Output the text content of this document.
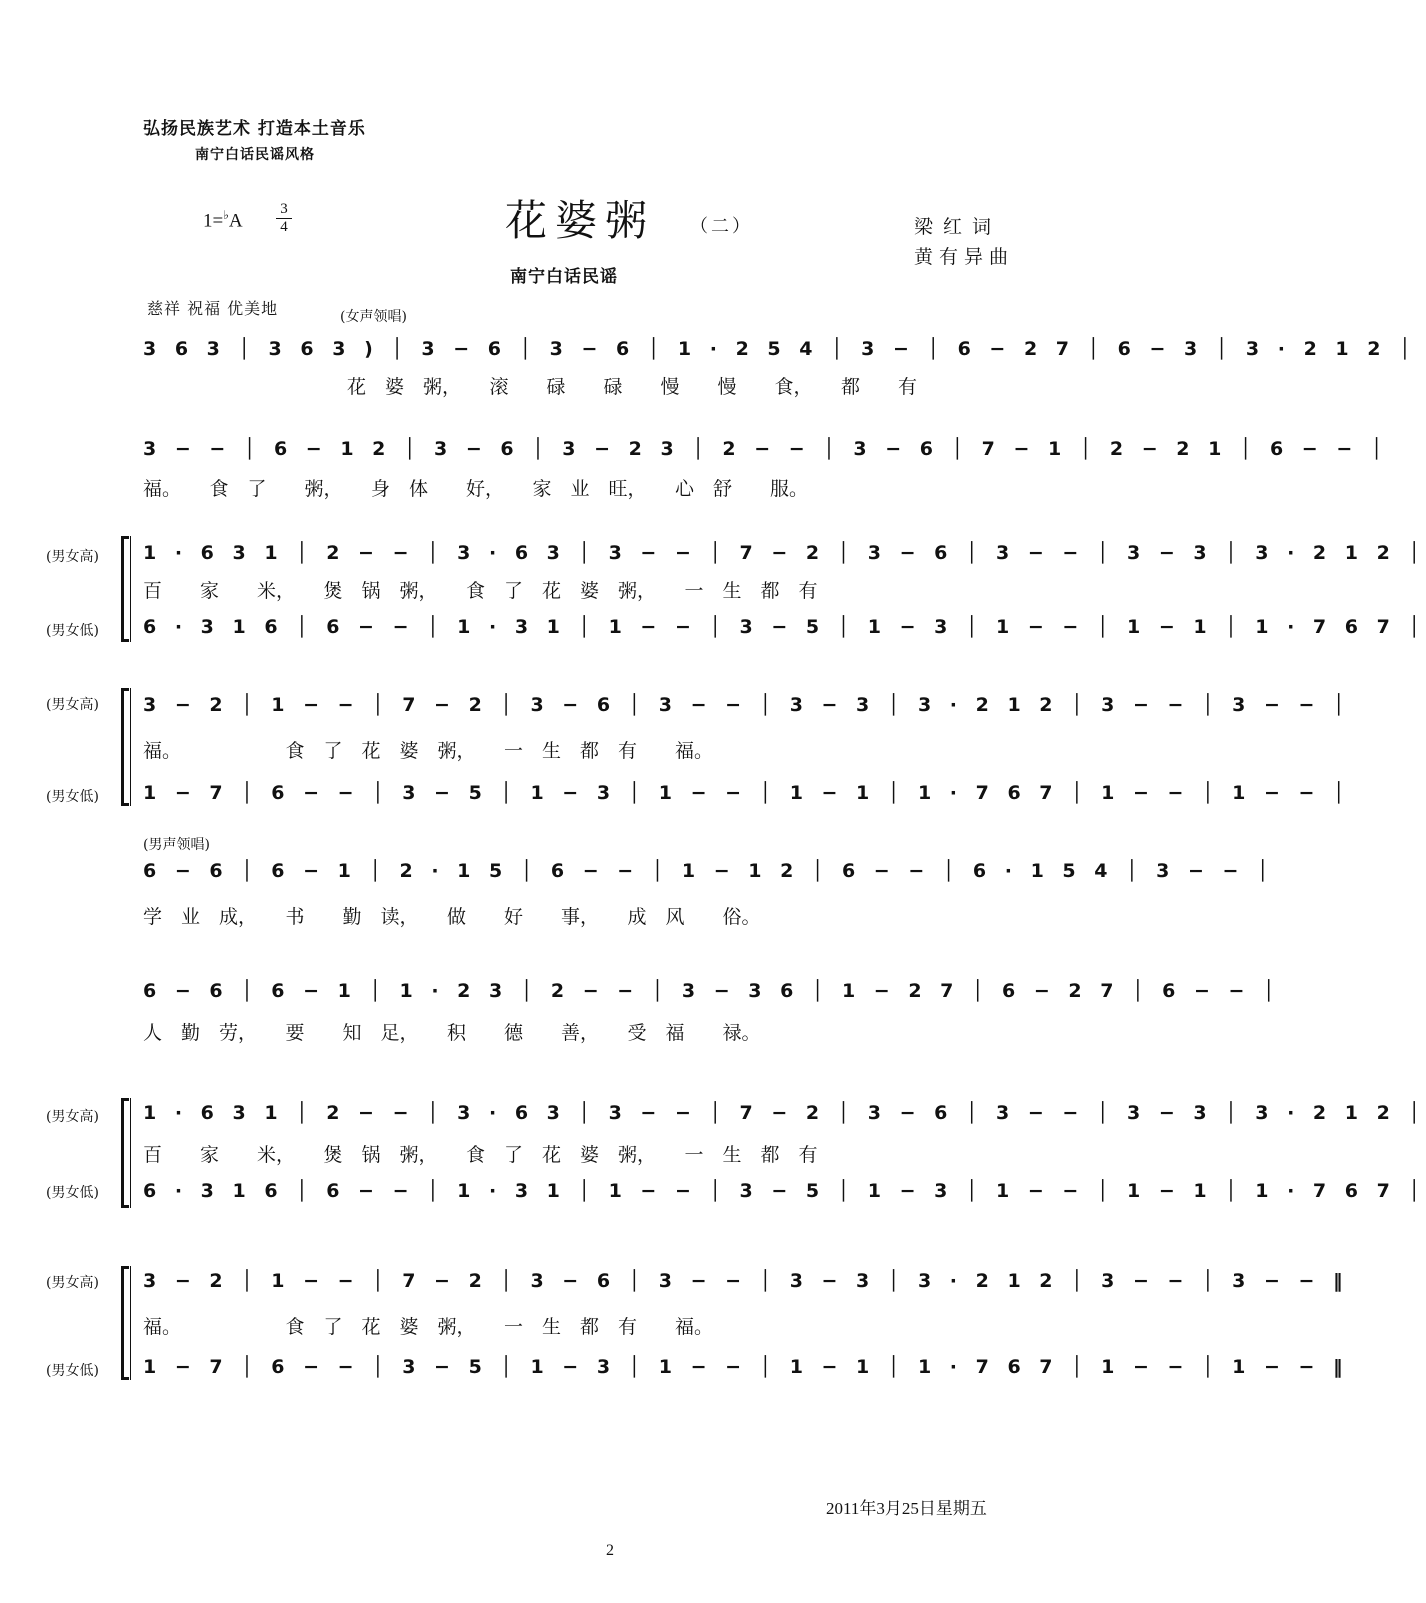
弘扬民族艺术 打造本土音乐
南宁白话民谣风格
1=♭A
3
4	花婆粥 （二）	梁红词
黄有异曲
南宁白话民谣
慈祥 祝福 优美地	(女声领唱)
3 6 3 │ 3 6 3 ) │ 3 − 6 │ 3 − 6 │ 1 · 2 5 4 │ 3 − │ 6 − 2 7 │ 6 − 3 │ 3 · 2 1 2 │
花　婆　粥，　　滚　　碌　　碌　　慢　　慢　　食，　　都　　有
3 − − │ 6 − 1 2 │ 3 − 6 │ 3 − 2 3 │ 2 − − │ 3 − 6 │ 7 − 1 │ 2 − 2 1 │ 6 − − │
福。　　食　了　　粥，　　身　体　　好，　　家　业　旺，　　心　舒　　服。
(男女高)
(男女低)
1 · 6 3 1 │ 2 − − │ 3 · 6 3 │ 3 − − │ 7 − 2 │ 3 − 6 │ 3 − − │ 3 − 3 │ 3 · 2 1 2 │
百　　家　　米，　　煲　锅　粥，　　食　了　花　婆　粥，　　一　生　都　有
6 · 3 1 6 │ 6 − − │ 1 · 3 1 │ 1 − − │ 3 − 5 │ 1 − 3 │ 1 − − │ 1 − 1 │ 1 · 7 6 7 │
(男女高)
(男女低)
3 − 2 │ 1 − − │ 7 − 2 │ 3 − 6 │ 3 − − │ 3 − 3 │ 3 · 2 1 2 │ 3 − − │ 3 − − │
福。　　　　　　食　了　花　婆　粥，　　一　生　都　有　　福。
1 − 7 │ 6 − − │ 3 − 5 │ 1 − 3 │ 1 − − │ 1 − 1 │ 1 · 7 6 7 │ 1 − − │ 1 − − │
(男声领唱)
6 − 6 │ 6 − 1 │ 2 · 1 5 │ 6 − − │ 1 − 1 2 │ 6 − − │ 6 · 1 5 4 │ 3 − − │
学　业　成，　　书　　勤　读，　　做　　好　　事，　　成　风　　俗。
6 − 6 │ 6 − 1 │ 1 · 2 3 │ 2 − − │ 3 − 3 6 │ 1 − 2 7 │ 6 − 2 7 │ 6 − − │
人　勤　劳，　　要　　知　足，　　积　　德　　善，　　受　福　　禄。
(男女高)
(男女低)
1 · 6 3 1 │ 2 − − │ 3 · 6 3 │ 3 − − │ 7 − 2 │ 3 − 6 │ 3 − − │ 3 − 3 │ 3 · 2 1 2 │
百　　家　　米，　　煲　锅　粥，　　食　了　花　婆　粥，　　一　生　都　有
6 · 3 1 6 │ 6 − − │ 1 · 3 1 │ 1 − − │ 3 − 5 │ 1 − 3 │ 1 − − │ 1 − 1 │ 1 · 7 6 7 │
(男女高)
(男女低)
3 − 2 │ 1 − − │ 7 − 2 │ 3 − 6 │ 3 − − │ 3 − 3 │ 3 · 2 1 2 │ 3 − − │ 3 − − ‖
福。　　　　　　食　了　花　婆　粥，　　一　生　都　有　　福。
1 − 7 │ 6 − − │ 3 − 5 │ 1 − 3 │ 1 − − │ 1 − 1 │ 1 · 7 6 7 │ 1 − − │ 1 − − ‖
2011年3月25日星期五
2
